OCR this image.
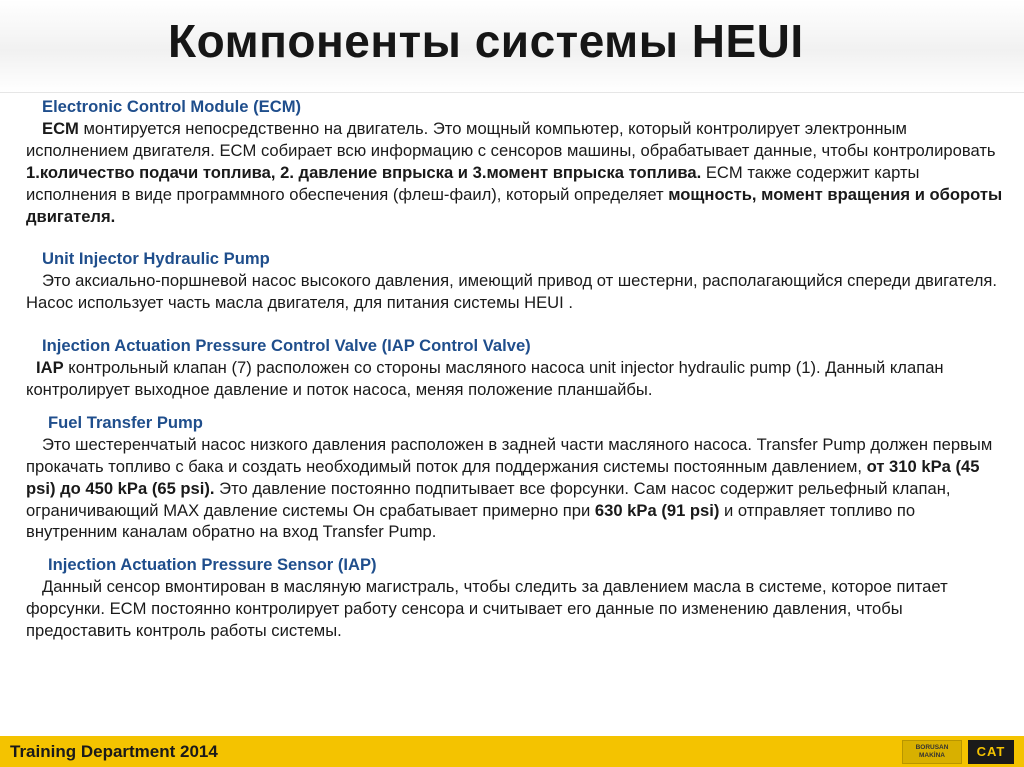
Компоненты системы HEUI

Electronic Control Module (ECM)

ECM монтируется непосредственно на двигатель. Это мощный компьютер, который контролирует электронным исполнением двигателя. ECM собирает всю информацию с сенсоров машины, обрабатывает данные, чтобы контролировать 1.количество подачи топлива, 2. давление впрыска и 3.момент впрыска топлива. ECM также содержит карты исполнения в виде программного обеспечения (флеш-фаил), который определяет мощность, момент вращения и обороты двигателя.

Unit Injector Hydraulic Pump

Это аксиально-поршневой насос высокого давления, имеющий привод от шестерни, располагающийся спереди двигателя. Насос использует часть масла двигателя, для питания системы HEUI .

Injection Actuation Pressure Control Valve (IAP Control Valve)

IAP контрольный клапан (7) расположен со стороны масляного насоса unit injector hydraulic pump (1). Данный клапан контролирует выходное давление и поток насоса, меняя положение планшайбы.

Fuel Transfer Pump

Это шестеренчатый насос низкого давления расположен в задней части масляного насоса. Transfer Pump должен первым прокачать топливо с бака и создать необходимый поток для поддержания системы постоянным давлением, от 310 kPa (45 psi) до 450 kPa (65 psi). Это давление постоянно подпитывает все форсунки. Сам насос содержит рельефный клапан, ограничивающий МАХ давление системы Он срабатывает примерно при 630 kPa (91 psi) и отправляет топливо по внутренним каналам обратно на вход Transfer Pump.

Injection Actuation Pressure Sensor (IAP)

Данный сенсор вмонтирован в масляную магистраль, чтобы следить за давлением масла в системе, которое питает форсунки. ECM постоянно контролирует работу сенсора и считывает его данные по изменению давления, чтобы предоставить контроль работы системы.

Training Department 2014	BORUSAN
MAKİNA	CAT
